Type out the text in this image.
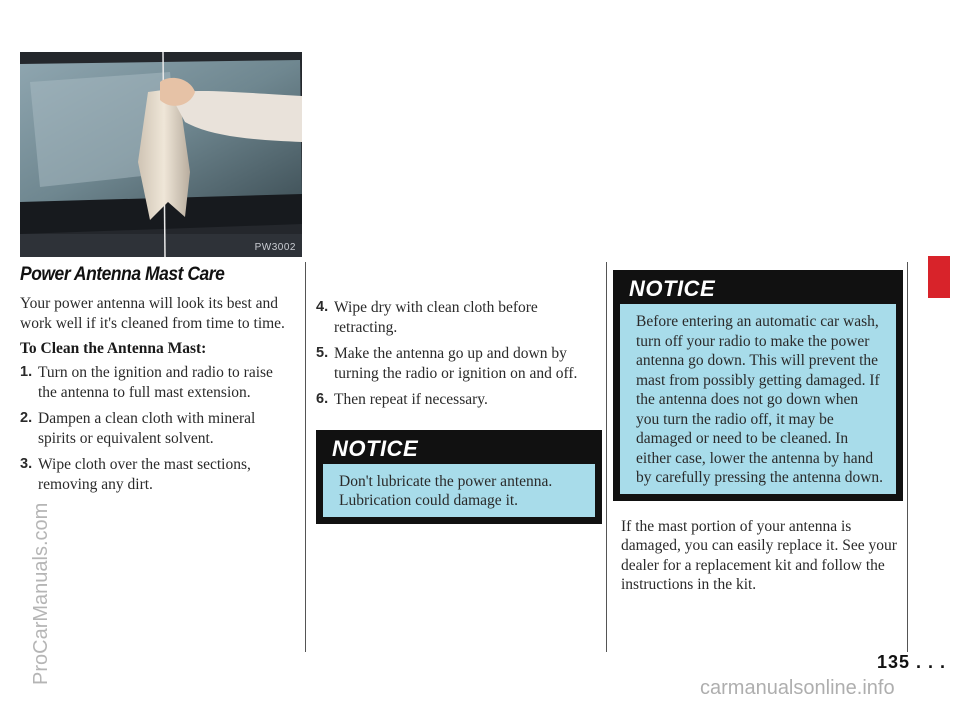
PW3002
Power Antenna Mast Care

Your power antenna will look its best and work well if it's cleaned from time to time.

To Clean the Antenna Mast:
1. Turn on the ignition and radio to raise the antenna to full mast extension.
2. Dampen a clean cloth with mineral spirits or equivalent solvent.
3. Wipe cloth over the mast sections, removing any dirt.
4. Wipe dry with clean cloth before retracting.
5. Make the antenna go up and down by turning the radio or ignition on and off.
6. Then repeat if necessary.
NOTICE
Don't lubricate the power antenna. Lubrication could damage it.
NOTICE
Before entering an automatic car wash, turn off your radio to make the power antenna go down. This will prevent the mast from possibly getting damaged. If the antenna does not go down when you turn the radio off, it may be damaged or need to be cleaned. In either case, lower the antenna by hand by carefully pressing the antenna down.

If the mast portion of your antenna is damaged, you can easily replace it. See your dealer for a replacement kit and follow the instructions in the kit.

135 . . .
ProCarManuals.com
carmanualsonline.info
